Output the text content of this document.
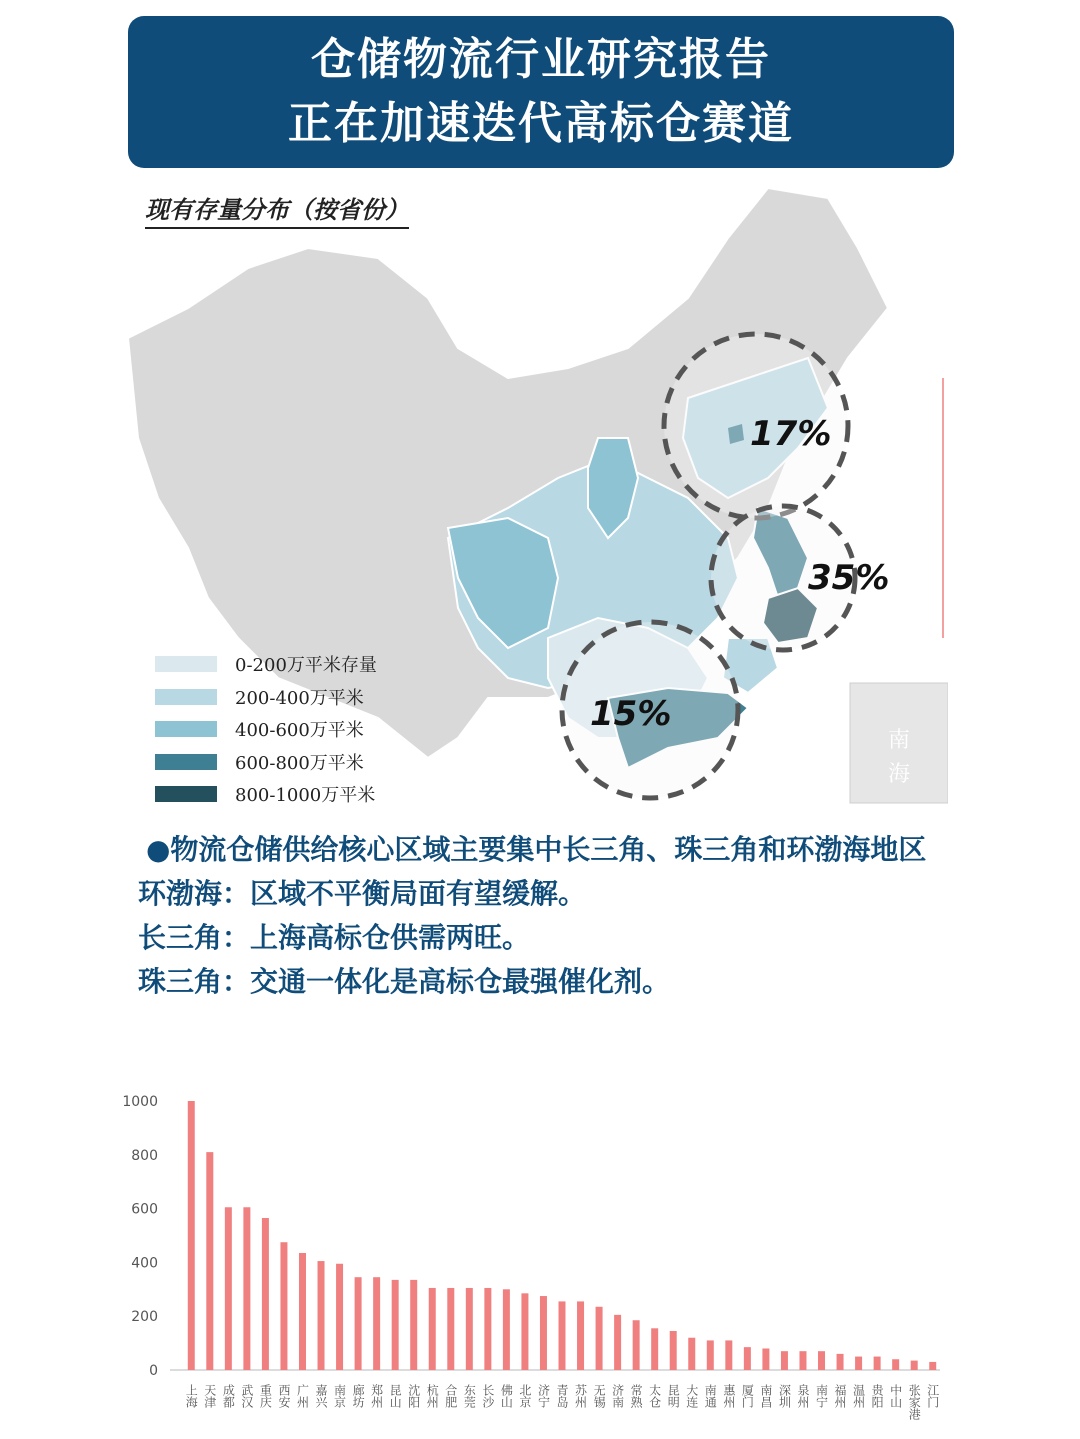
仓储物流行业研究报告
正在加速迭代高标仓赛道
现有存量分布（按省份）
17%
35%
15%
南
海
0-200万平米存量
200-400万平米
400-600万平米
600-800万平米
800-1000万平米

●物流仓储供给核心区域主要集中长三角、珠三角和环渤海地区

环渤海：区域不平衡局面有望缓解。

长三角：上海高标仓供需两旺。

珠三角：交通一体化是高标仓最强催化剂。

0
200
400
600
800
1000
上海 天津 成都 武汉 重庆 西安 广州 嘉兴 南京 廊坊 郑州 昆山 沈阳 杭州 合肥 东莞 长沙 佛山 北京 济宁 青岛 苏州 无锡 济南 常熟 太仓 昆明 大连 南通 惠州 厦门 南昌 深圳 泉州 南宁 福州 温州 贵阳 中山 张家港 江门
